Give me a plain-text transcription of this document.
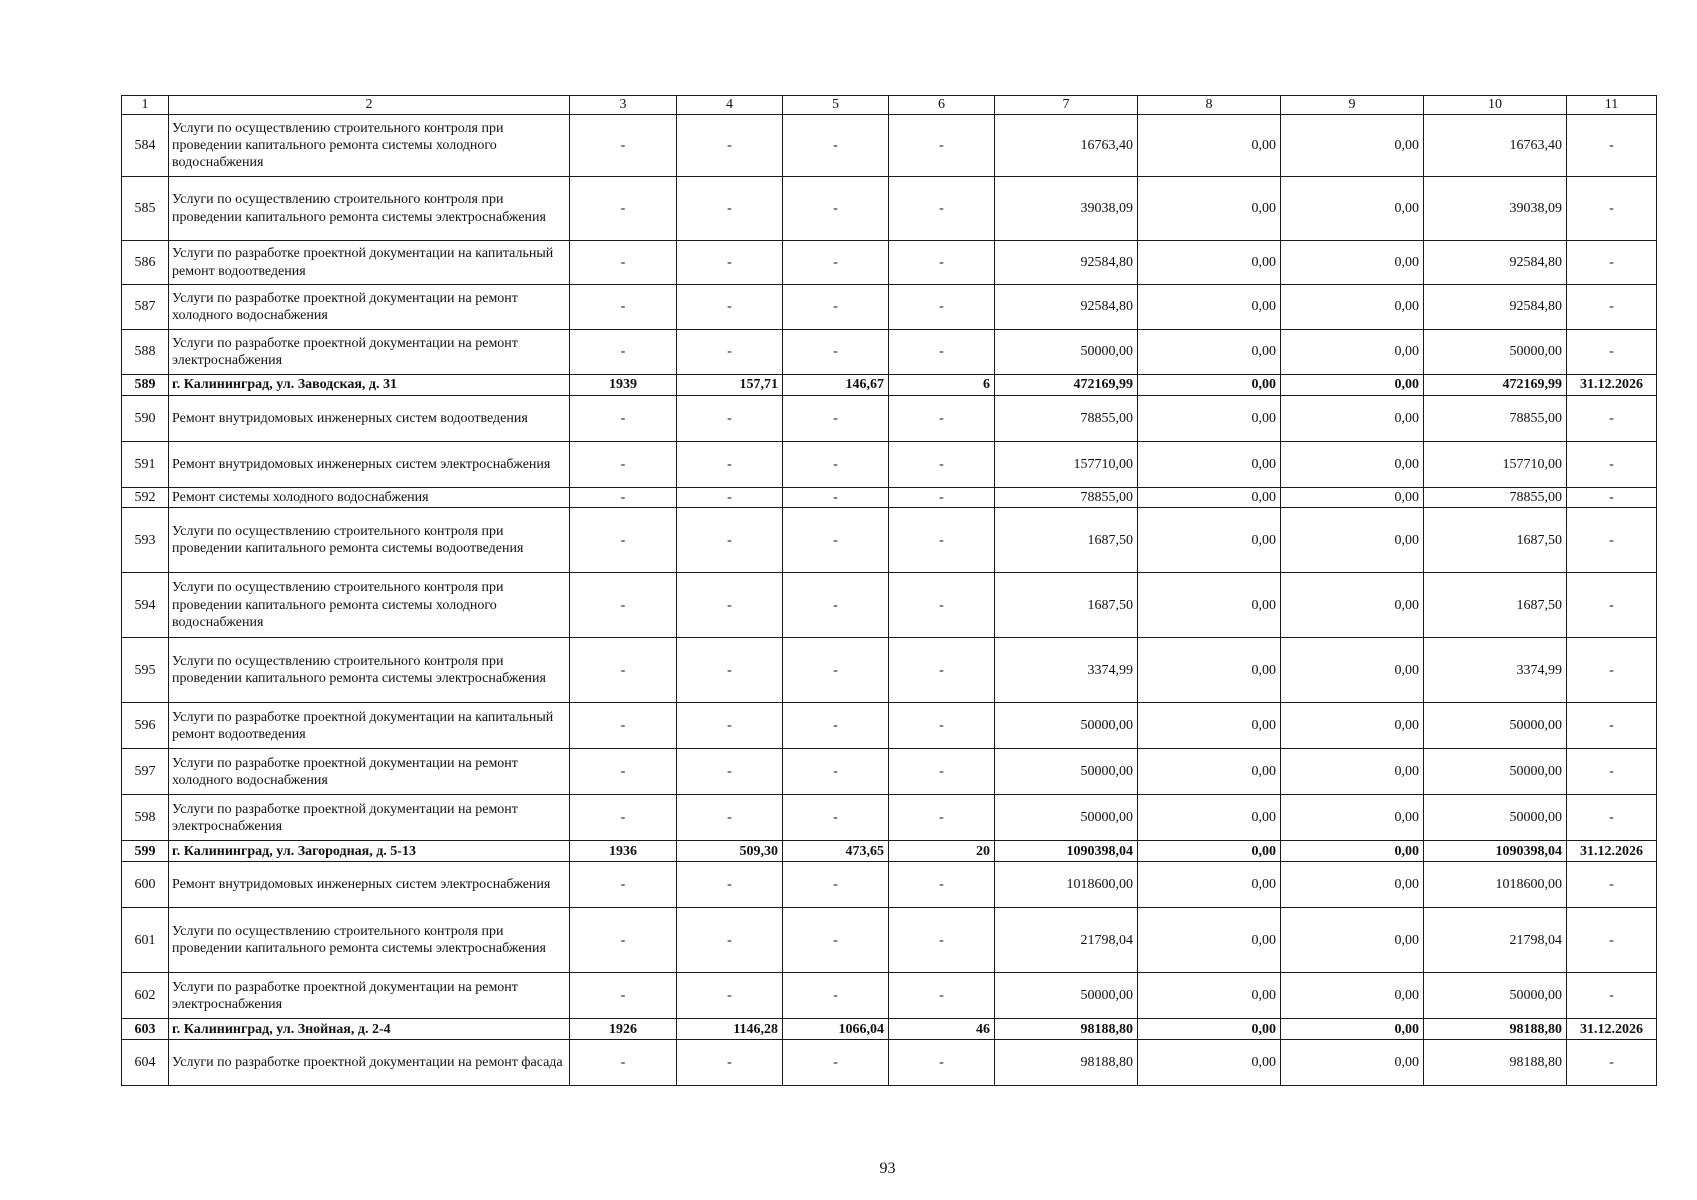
1	2	3	4	5	6	7	8	9	10	11
584	Услуги по осуществлению строительного контроля при проведении капитального ремонта системы холодного водоснабжения	-	-	-	-	16763,40	0,00	0,00	16763,40	-
585	Услуги по осуществлению строительного контроля при проведении капитального ремонта системы электроснабжения	-	-	-	-	39038,09	0,00	0,00	39038,09	-
586	Услуги по разработке проектной документации на капитальный ремонт водоотведения	-	-	-	-	92584,80	0,00	0,00	92584,80	-
587	Услуги по разработке проектной документации на ремонт холодного водоснабжения	-	-	-	-	92584,80	0,00	0,00	92584,80	-
588	Услуги по разработке проектной документации на ремонт электроснабжения	-	-	-	-	50000,00	0,00	0,00	50000,00	-
589	г. Калининград, ул. Заводская, д. 31	1939	157,71	146,67	6	472169,99	0,00	0,00	472169,99	31.12.2026
590	Ремонт внутридомовых инженерных систем водоотведения	-	-	-	-	78855,00	0,00	0,00	78855,00	-
591	Ремонт внутридомовых инженерных систем электроснабжения	-	-	-	-	157710,00	0,00	0,00	157710,00	-
592	Ремонт системы холодного водоснабжения	-	-	-	-	78855,00	0,00	0,00	78855,00	-
593	Услуги по осуществлению строительного контроля при проведении капитального ремонта системы водоотведения	-	-	-	-	1687,50	0,00	0,00	1687,50	-
594	Услуги по осуществлению строительного контроля при проведении капитального ремонта системы холодного водоснабжения	-	-	-	-	1687,50	0,00	0,00	1687,50	-
595	Услуги по осуществлению строительного контроля при проведении капитального ремонта системы электроснабжения	-	-	-	-	3374,99	0,00	0,00	3374,99	-
596	Услуги по разработке проектной документации на капитальный ремонт водоотведения	-	-	-	-	50000,00	0,00	0,00	50000,00	-
597	Услуги по разработке проектной документации на ремонт холодного водоснабжения	-	-	-	-	50000,00	0,00	0,00	50000,00	-
598	Услуги по разработке проектной документации на ремонт электроснабжения	-	-	-	-	50000,00	0,00	0,00	50000,00	-
599	г. Калининград, ул. Загородная, д. 5-13	1936	509,30	473,65	20	1090398,04	0,00	0,00	1090398,04	31.12.2026
600	Ремонт внутридомовых инженерных систем электроснабжения	-	-	-	-	1018600,00	0,00	0,00	1018600,00	-
601	Услуги по осуществлению строительного контроля при проведении капитального ремонта системы электроснабжения	-	-	-	-	21798,04	0,00	0,00	21798,04	-
602	Услуги по разработке проектной документации на ремонт электроснабжения	-	-	-	-	50000,00	0,00	0,00	50000,00	-
603	г. Калининград, ул. Знойная, д. 2-4	1926	1146,28	1066,04	46	98188,80	0,00	0,00	98188,80	31.12.2026
604	Услуги по разработке проектной документации на ремонт фасада	-	-	-	-	98188,80	0,00	0,00	98188,80	-
93
